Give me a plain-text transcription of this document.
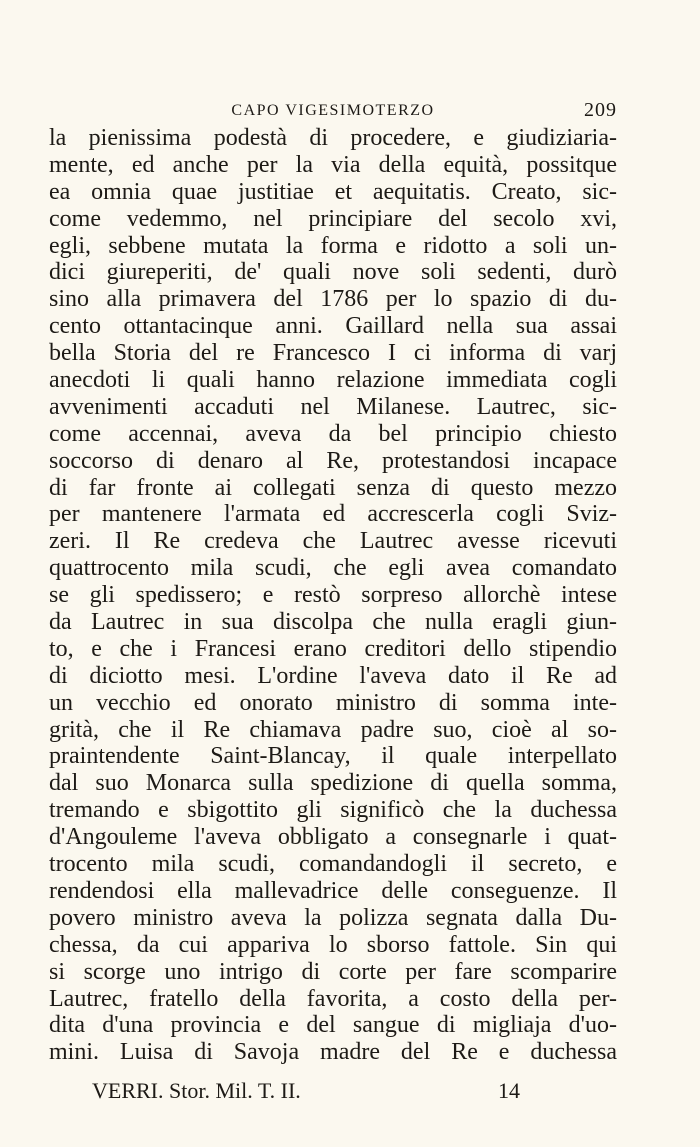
CAPO VIGESIMOTERZO	209
la pienissima podestà di procedere, e giudiziaria-
mente, ed anche per la via della equità, possitque
ea omnia quae justitiae et aequitatis. Creato, sic-
come vedemmo, nel principiare del secolo xvi,
egli, sebbene mutata la forma e ridotto a soli un-
dici giureperiti, de' quali nove soli sedenti, durò
sino alla primavera del 1786 per lo spazio di du-
cento ottantacinque anni. Gaillard nella sua assai
bella Storia del re Francesco I ci informa di varj
anecdoti li quali hanno relazione immediata cogli
avvenimenti accaduti nel Milanese. Lautrec, sic-
come accennai, aveva da bel principio chiesto
soccorso di denaro al Re, protestandosi incapace
di far fronte ai collegati senza di questo mezzo
per mantenere l'armata ed accrescerla cogli Sviz-
zeri. Il Re credeva che Lautrec avesse ricevuti
quattrocento mila scudi, che egli avea comandato
se gli spedissero; e restò sorpreso allorchè intese
da Lautrec in sua discolpa che nulla eragli giun-
to, e che i Francesi erano creditori dello stipendio
di diciotto mesi. L'ordine l'aveva dato il Re ad
un vecchio ed onorato ministro di somma inte-
grità, che il Re chiamava padre suo, cioè al so-
praintendente Saint-Blancay, il quale interpellato
dal suo Monarca sulla spedizione di quella somma,
tremando e sbigottito gli significò che la duchessa
d'Angouleme l'aveva obbligato a consegnarle i quat-
trocento mila scudi, comandandogli il secreto, e
rendendosi ella mallevadrice delle conseguenze. Il
povero ministro aveva la polizza segnata dalla Du-
chessa, da cui appariva lo sborso fattole. Sin qui
si scorge uno intrigo di corte per fare scomparire
Lautrec, fratello della favorita, a costo della per-
dita d'una provincia e del sangue di migliaja d'uo-
mini. Luisa di Savoja madre del Re e duchessa
VERRI. Stor. Mil. T. II.	14
